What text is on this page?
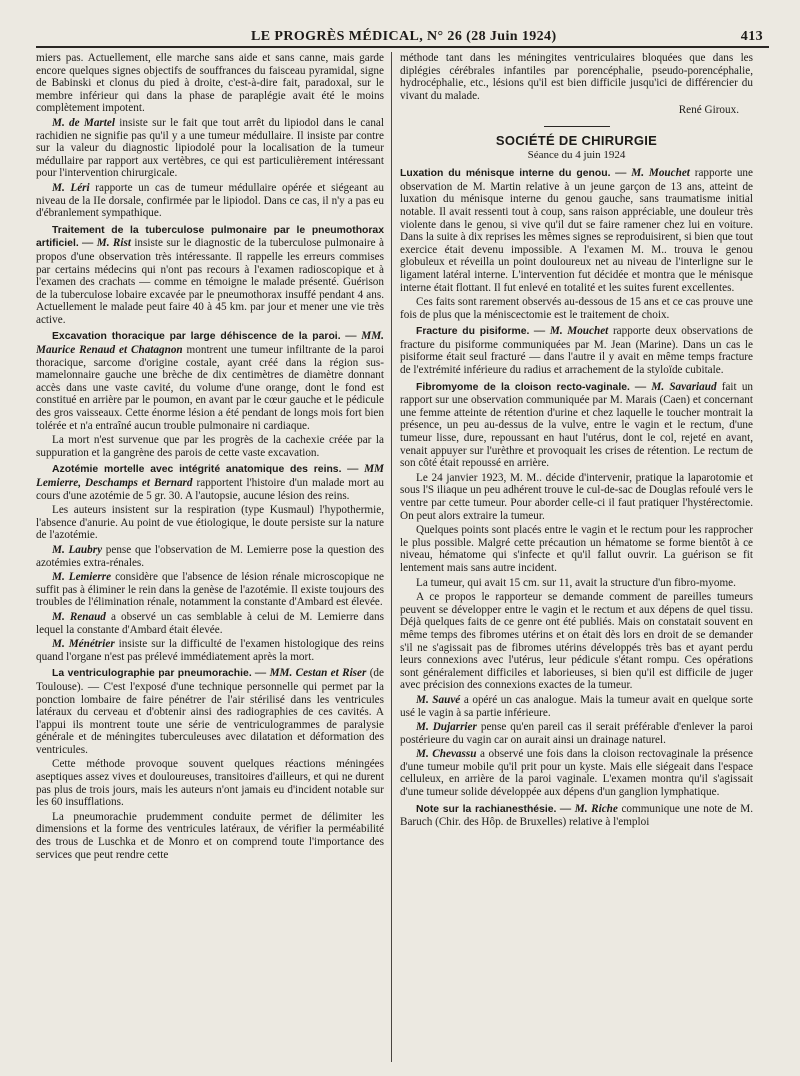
LE PROGRÈS MÉDICAL, N° 26 (28 Juin 1924)	413

miers pas. Actuellement, elle marche sans aide et sans canne, mais garde encore quelques signes objectifs de souffrances du faisceau pyramidal, signe de Babinski et clonus du pied à droite, c'est-à-dire fait, paradoxal, sur le membre inférieur qui dans la phase de paraplégie avait été le moins complètement impotent.

M. de Martel insiste sur le fait que tout arrêt du lipiodol dans le canal rachidien ne signifie pas qu'il y a une tumeur médullaire. Il insiste par contre sur la valeur du diagnostic lipiodolé pour la localisation de la tumeur médullaire par rapport aux vertèbres, ce qui est particulièrement intéressant pour l'intervention chirurgicale.

M. Léri rapporte un cas de tumeur médullaire opérée et siégeant au niveau de la IIe dorsale, confirmée par le lipiodol. Dans ce cas, il n'y a pas eu d'ébranlement sympathique.

Traitement de la tuberculose pulmonaire par le pneumothorax artificiel. — M. Rist insiste sur le diagnostic de la tuberculose pulmonaire à propos d'une observation très intéressante. Il rappelle les erreurs commises par certains médecins qui n'ont pas recours à l'examen radioscopique et à l'examen des crachats — comme en témoigne le malade présenté. Guérison de la tuberculose lobaire excavée par le pneumothorax insuffé pendant 4 ans. Actuellement le malade peut faire 40 à 45 km. par jour et mener une vie très active.

Excavation thoracique par large déhiscence de la paroi. — MM. Maurice Renaud et Chatagnon montrent une tumeur infiltrante de la paroi thoracique, sarcome d'origine costale, ayant créé dans la région sus-mamelonnaire gauche une brèche de dix centimètres de diamètre donnant accès dans une vaste cavité, du volume d'une orange, dont le fond est constitué en arrière par le poumon, en avant par le cœur gauche et le pédicule des gros vaisseaux. Cette énorme lésion a été pendant de longs mois fort bien tolérée et n'a entraîné aucun trouble pulmonaire ni cardiaque.

La mort n'est survenue que par les progrès de la cachexie créée par la suppuration et la gangrène des parois de cette vaste excavation.

Azotémie mortelle avec intégrité anatomique des reins. — MM Lemierre, Deschamps et Bernard rapportent l'histoire d'un malade mort au cours d'une azotémie de 5 gr. 30. A l'autopsie, aucune lésion des reins.

Les auteurs insistent sur la respiration (type Kusmaul) l'hypothermie, l'absence d'anurie. Au point de vue étiologique, le doute persiste sur la nature de l'azotémie.

M. Laubry pense que l'observation de M. Lemierre pose la question des azotémies extra-rénales.

M. Lemierre considère que l'absence de lésion rénale microscopique ne suffit pas à éliminer le rein dans la genèse de l'azotémie. Il existe toujours des troubles de l'élimination rénale, notamment la constante d'Ambard est élevée.

M. Renaud a observé un cas semblable à celui de M. Lemierre dans lequel la constante d'Ambard était élevée.

M. Ménétrier insiste sur la difficulté de l'examen histologique des reins quand l'organe n'est pas prélevé immédiatement après la mort.

La ventriculographie par pneumorachie. — MM. Cestan et Riser (de Toulouse). — C'est l'exposé d'une technique personnelle qui permet par la ponction lombaire de faire pénétrer de l'air stérilisé dans les ventricules latéraux du cerveau et d'obtenir ainsi des radiographies de ces cavités. A l'appui ils montrent toute une série de ventriculogrammes de paralysie générale et de méningites tuberculeuses avec dilatation et déformation des ventricules.

Cette méthode provoque souvent quelques réactions méningées aseptiques assez vives et douloureuses, transitoires d'ailleurs, et qui ne durent pas plus de trois jours, mais les auteurs n'ont jamais eu d'incident notable sur les 60 insufflations.

La pneumorachie prudemment conduite permet de délimiter les dimensions et la forme des ventricules latéraux, de vérifier la perméabilité des trous de Luschka et de Monro et on comprend toute l'importance des services que peut rendre cette

méthode tant dans les méningites ventriculaires bloquées que dans les diplégies cérébrales infantiles par porencéphalie, pseudo-porencéphalie, hydrocéphalie, etc., lésions qu'il est bien difficile jusqu'ici de différencier du vivant du malade.

René Giroux.
SOCIÉTÉ DE CHIRURGIE
Séance du 4 juin 1924

Luxation du ménisque interne du genou. — M. Mouchet rapporte une observation de M. Martin relative à un jeune garçon de 13 ans, atteint de luxation du ménisque interne du genou gauche, sans traumatisme initial notable. Il avait ressenti tout à coup, sans raison appréciable, une douleur très violente dans le genou, si vive qu'il dut se faire ramener chez lui en voiture. Dans la suite à dix reprises les mêmes signes se reproduisirent, si bien que tout exercice était devenu impossible. A l'examen M. M.. trouva le genou globuleux et réveilla un point douloureux net au niveau de l'interligne sur le ligament latéral interne. L'intervention fut décidée et montra que le ménisque interne était flottant. Il fut enlevé en totalité et les suites furent excellentes.

Ces faits sont rarement observés au-dessous de 15 ans et ce cas prouve une fois de plus que la méniscectomie est le traitement de choix.

Fracture du pisiforme. — M. Mouchet rapporte deux observations de fracture du pisiforme communiquées par M. Jean (Marine). Dans un cas le pisiforme était seul fracturé — dans l'autre il y avait en même temps fracture de l'extrémité inférieure du radius et arrachement de la styloïde cubitale.

Fibromyome de la cloison recto-vaginale. — M. Savariaud fait un rapport sur une observation communiquée par M. Marais (Caen) et concernant une femme atteinte de rétention d'urine et chez laquelle le toucher montrait la présence, un peu au-dessus de la vulve, entre le vagin et le rectum, d'une tumeur lisse, dure, repoussant en haut l'utérus, dont le col, rejeté en avant, venait appuyer sur l'urèthre et provoquait les crises de rétention. Le rectum de son côté était repoussé en arrière.

Le 24 janvier 1923, M. M.. décide d'intervenir, pratique la laparotomie et sous l'S iliaque un peu adhérent trouve le cul-de-sac de Douglas refoulé vers le ventre par cette tumeur. Pour aborder celle-ci il faut pratiquer l'hystérectomie. On peut alors extraire la tumeur.

Quelques points sont placés entre le vagin et le rectum pour les rapprocher le plus possible. Malgré cette précaution un hématome se forme bientôt à ce niveau, hématome qui s'infecte et qu'il fallut ouvrir. La guérison se fit lentement mais sans autre incident.

La tumeur, qui avait 15 cm. sur 11, avait la structure d'un fibro-myome.

A ce propos le rapporteur se demande comment de pareilles tumeurs peuvent se développer entre le vagin et le rectum et aux dépens de quel tissu. Déjà quelques faits de ce genre ont été publiés. Mais on constatait souvent en même temps des fibromes utérins et on était dès lors en droit de se demander s'il ne s'agissait pas de fibromes utérins développés très bas et ayant perdu leurs connexions avec l'utérus, leur pédicule s'étant rompu. Ces opérations sont généralement difficiles et laborieuses, si bien qu'il est difficile de juger avec précision des connexions exactes de la tumeur.

M. Sauvé a opéré un cas analogue. Mais la tumeur avait en quelque sorte usé le vagin à sa partie inférieure.

M. Dujarrier pense qu'en pareil cas il serait préférable d'enlever la paroi postérieure du vagin car on aurait ainsi un drainage naturel.

M. Chevassu a observé une fois dans la cloison rectovaginale la présence d'une tumeur mobile qu'il prit pour un kyste. Mais elle siégeait dans l'espace celluleux, en arrière de la paroi vaginale. L'examen montra qu'il s'agissait d'une tumeur solide développée aux dépens d'un ganglion lymphatique.

Note sur la rachianesthésie. — M. Riche communique une note de M. Baruch (Chir. des Hôp. de Bruxelles) relative à l'emploi
